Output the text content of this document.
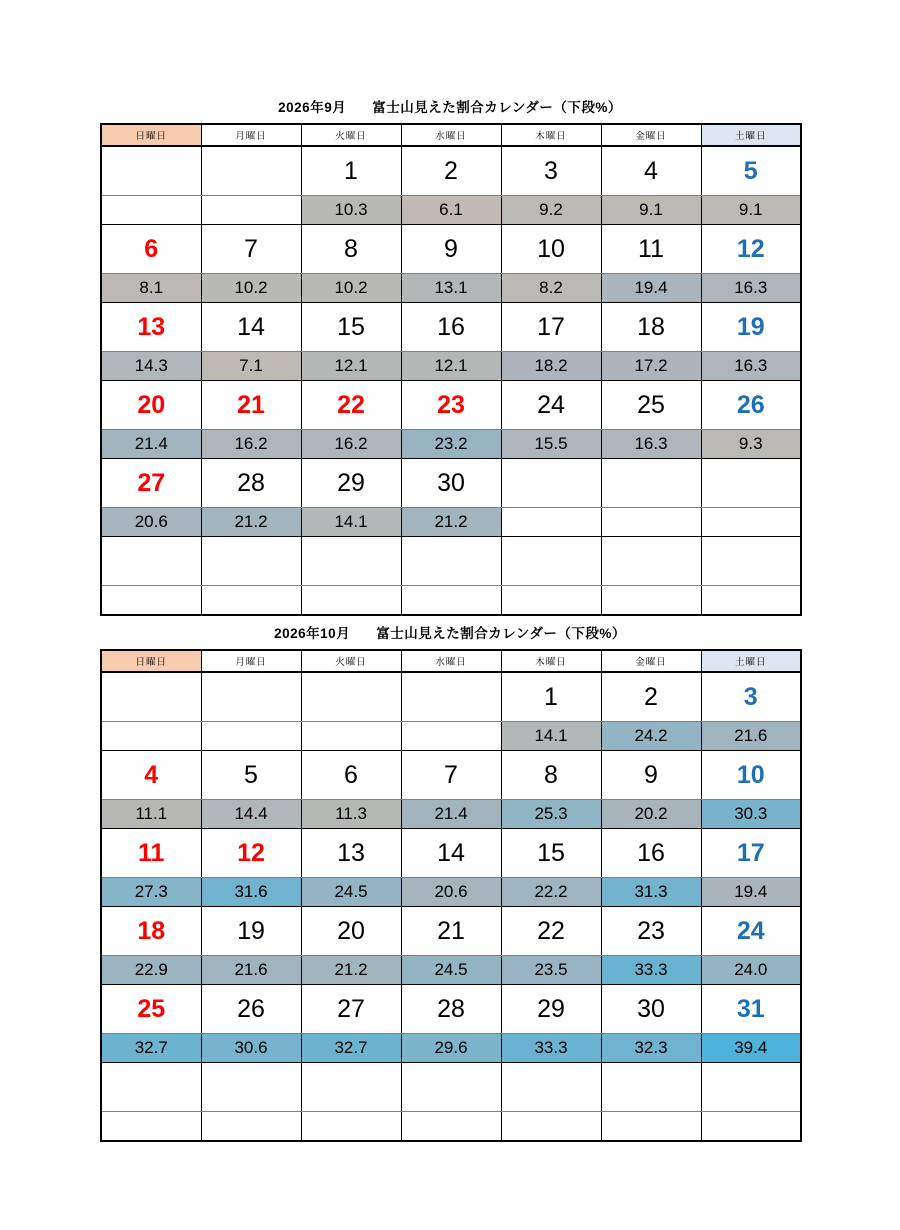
2026年9月 富士山見えた割合カレンダー（下段%）
日曜日	月曜日	火曜日	水曜日	木曜日	金曜日	土曜日
		1	2	3	4	5
		10.3	6.1	9.2	9.1	9.1
6	7	8	9	10	11	12
8.1	10.2	10.2	13.1	8.2	19.4	16.3
13	14	15	16	17	18	19
14.3	7.1	12.1	12.1	18.2	17.2	16.3
20	21	22	23	24	25	26
21.4	16.2	16.2	23.2	15.5	16.3	9.3
27	28	29	30			
20.6	21.2	14.1	21.2			

2026年10月 富士山見えた割合カレンダー（下段%）
日曜日	月曜日	火曜日	水曜日	木曜日	金曜日	土曜日
				1	2	3
				14.1	24.2	21.6
4	5	6	7	8	9	10
11.1	14.4	11.3	21.4	25.3	20.2	30.3
11	12	13	14	15	16	17
27.3	31.6	24.5	20.6	22.2	31.3	19.4
18	19	20	21	22	23	24
22.9	21.6	21.2	24.5	23.5	33.3	24.0
25	26	27	28	29	30	31
32.7	30.6	32.7	29.6	33.3	32.3	39.4
